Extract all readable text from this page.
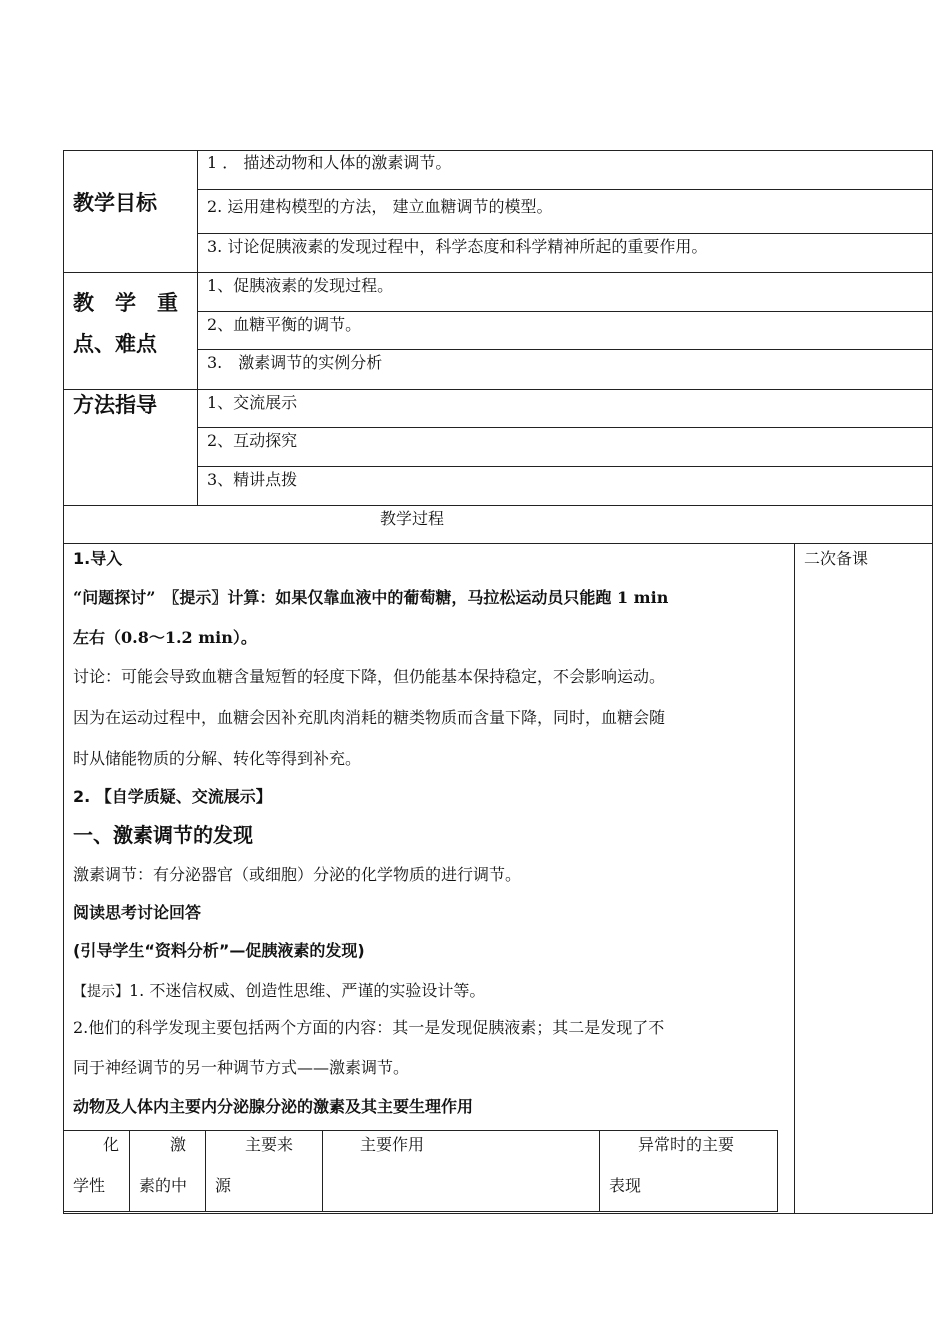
教学目标
1 ． 描述动物和人体的激素调节。
2. 运用建构模型的方法， 建立血糖调节的模型。
3. 讨论促胰液素的发现过程中，科学态度和科学精神所起的重要作用。
教　学　重
点、难点
1、促胰液素的发现过程。
2、血糖平衡的调节。
3.　激素调节的实例分析
方法指导	1、交流展示
2、互动探究
3、精讲点拨
教学过程
二次备课
1.导入
“问题探讨”　〖提示〗计算：如果仅靠血液中的葡萄糖，马拉松运动员只能跑 1 min
左右（0.8～1.2 min）。
讨论：可能会导致血糖含量短暂的轻度下降，但仍能基本保持稳定，不会影响运动。
因为在运动过程中，血糖会因补充肌肉消耗的糖类物质而含量下降，同时，血糖会随
时从储能物质的分解、转化等得到补充。
2. 【自学质疑、交流展示】
一、激素调节的发现
激素调节：有分泌器官（或细胞）分泌的化学物质的进行调节。
阅读思考讨论回答
(引导学生“资料分析”—促胰液素的发现)
【提示】1. 不迷信权威、创造性思维、严谨的实验设计等。
2.他们的科学发现主要包括两个方面的内容：其一是发现促胰液素；其二是发现了不
同于神经调节的另一种调节方式——激素调节。
动物及人体内主要内分泌腺分泌的激素及其主要生理作用
化
学性
激
素的中
主要来
源
主要作用	异常时的主要
表现
